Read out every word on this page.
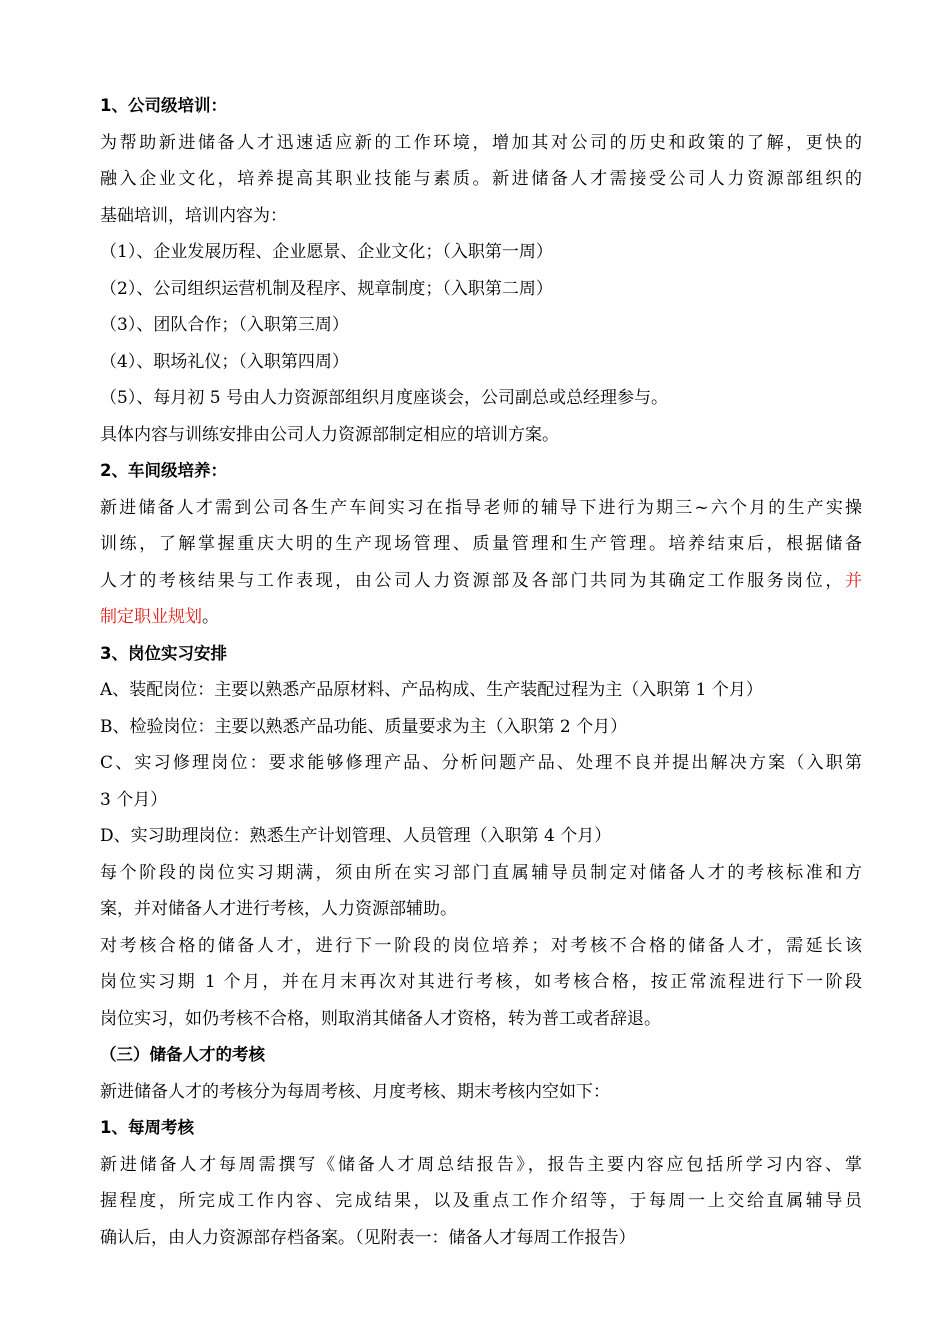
1、公司级培训：
为帮助新进储备人才迅速适应新的工作环境，增加其对公司的历史和政策的了解，更快的
融入企业文化，培养提高其职业技能与素质。新进储备人才需接受公司人力资源部组织的
基础培训，培训内容为：
（1）、企业发展历程、企业愿景、企业文化；（入职第一周）
（2）、公司组织运营机制及程序、规章制度；（入职第二周）
（3）、团队合作；（入职第三周）
（4）、职场礼仪；（入职第四周）
（5）、每月初 5 号由人力资源部组织月度座谈会，公司副总或总经理参与。
具体内容与训练安排由公司人力资源部制定相应的培训方案。
2、车间级培养：
新进储备人才需到公司各生产车间实习在指导老师的辅导下进行为期三~六个月的生产实操
训练，了解掌握重庆大明的生产现场管理、质量管理和生产管理。培养结束后，根据储备
人才的考核结果与工作表现，由公司人力资源部及各部门共同为其确定工作服务岗位，并
制定职业规划。
3、岗位实习安排
A、装配岗位：主要以熟悉产品原材料、产品构成、生产装配过程为主（入职第 1 个月）
B、检验岗位：主要以熟悉产品功能、质量要求为主（入职第 2 个月）
C、实习修理岗位：要求能够修理产品、分析问题产品、处理不良并提出解决方案（入职第
3 个月）
D、实习助理岗位：熟悉生产计划管理、人员管理（入职第 4 个月）
每个阶段的岗位实习期满，须由所在实习部门直属辅导员制定对储备人才的考核标准和方
案，并对储备人才进行考核，人力资源部辅助。
对考核合格的储备人才，进行下一阶段的岗位培养；对考核不合格的储备人才，需延长该
岗位实习期 1 个月，并在月末再次对其进行考核，如考核合格，按正常流程进行下一阶段
岗位实习，如仍考核不合格，则取消其储备人才资格，转为普工或者辞退。
（三）储备人才的考核
新进储备人才的考核分为每周考核、月度考核、期末考核内空如下：
1、每周考核
新进储备人才每周需撰写《储备人才周总结报告》，报告主要内容应包括所学习内容、掌
握程度，所完成工作内容、完成结果，以及重点工作介绍等，于每周一上交给直属辅导员
确认后，由人力资源部存档备案。（见附表一：储备人才每周工作报告）
